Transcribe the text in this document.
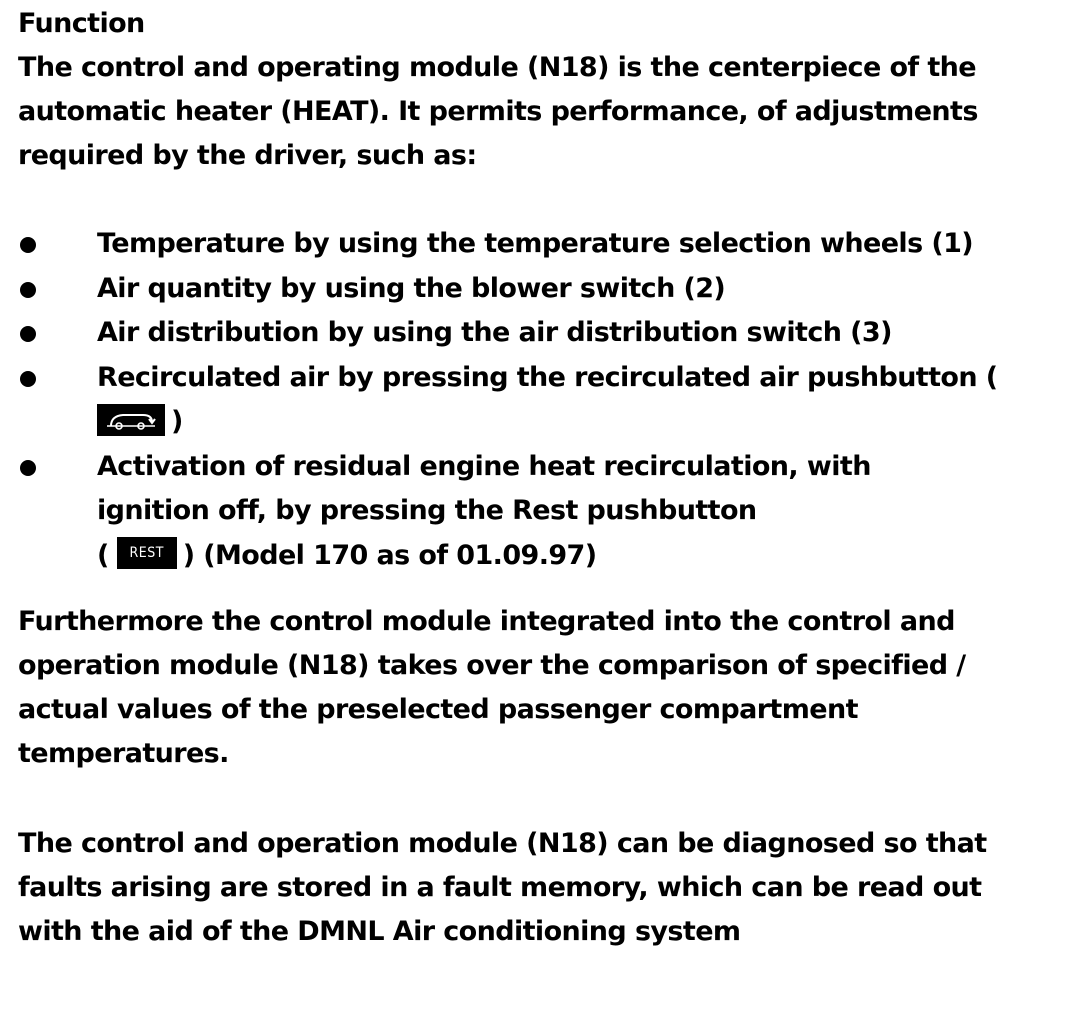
Function
The control and operating module (N18) is the centerpiece of the
automatic heater (HEAT). It permits performance, of adjustments
required by the driver, such as:
Temperature by using the temperature selection wheels (1)
Air quantity by using the blower switch (2)
Air distribution by using the air distribution switch (3)
Recirculated air by pressing the recirculated air pushbutton (
)
Activation of residual engine heat recirculation, with
ignition off, by pressing the Rest pushbutton
( REST ) (Model 170 as of 01.09.97)
Furthermore the control module integrated into the control and
operation module (N18) takes over the comparison of specified /
actual values of the preselected passenger compartment
temperatures.
The control and operation module (N18) can be diagnosed so that
faults arising are stored in a fault memory, which can be read out
with the aid of the DMNL Air conditioning system
